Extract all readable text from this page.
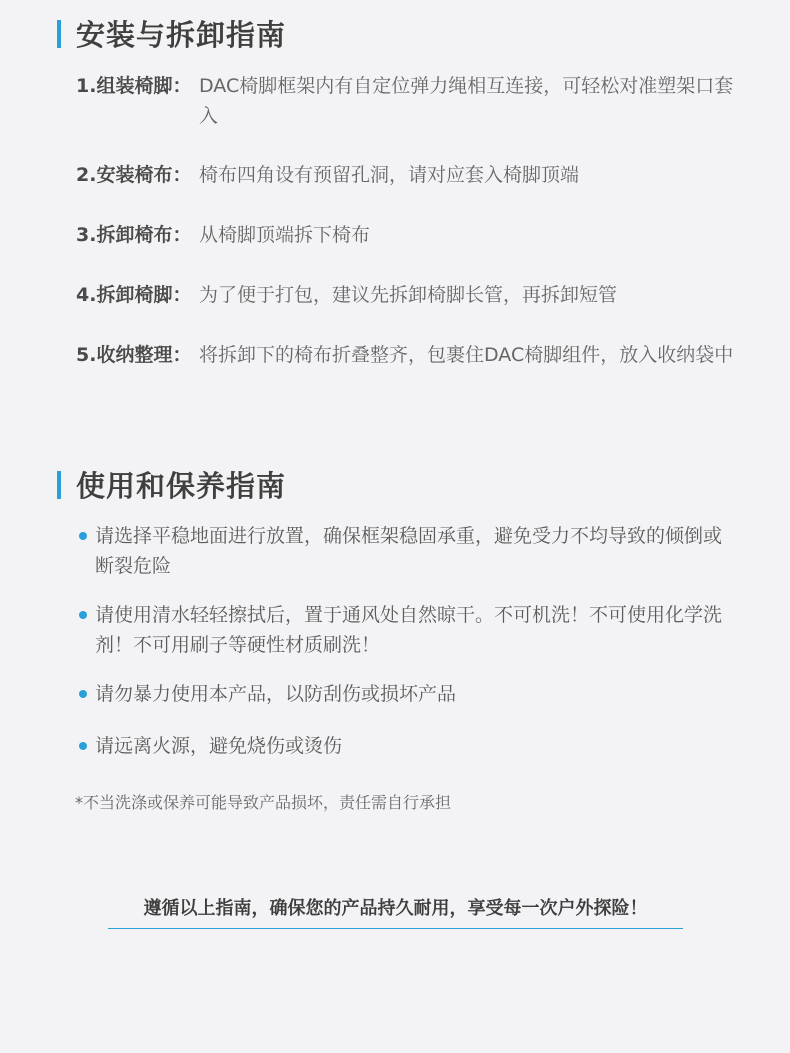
安装与拆卸指南
1.组装椅脚： DAC椅脚框架内有自定位弹力绳相互连接，可轻松对准塑架口套入
2.安装椅布： 椅布四角设有预留孔洞，请对应套入椅脚顶端
3.拆卸椅布： 从椅脚顶端拆下椅布
4.拆卸椅脚： 为了便于打包，建议先拆卸椅脚长管，再拆卸短管
5.收纳整理： 将拆卸下的椅布折叠整齐，包裹住DAC椅脚组件，放入收纳袋中
使用和保养指南
请选择平稳地面进行放置，确保框架稳固承重，避免受力不均导致的倾倒或断裂危险
请使用清水轻轻擦拭后，置于通风处自然晾干。不可机洗！不可使用化学洗剂！不可用刷子等硬性材质刷洗！
请勿暴力使用本产品，以防刮伤或损坏产品
请远离火源，避免烧伤或烫伤
*不当洗涤或保养可能导致产品损坏，责任需自行承担
遵循以上指南，确保您的产品持久耐用，享受每一次户外探险！
